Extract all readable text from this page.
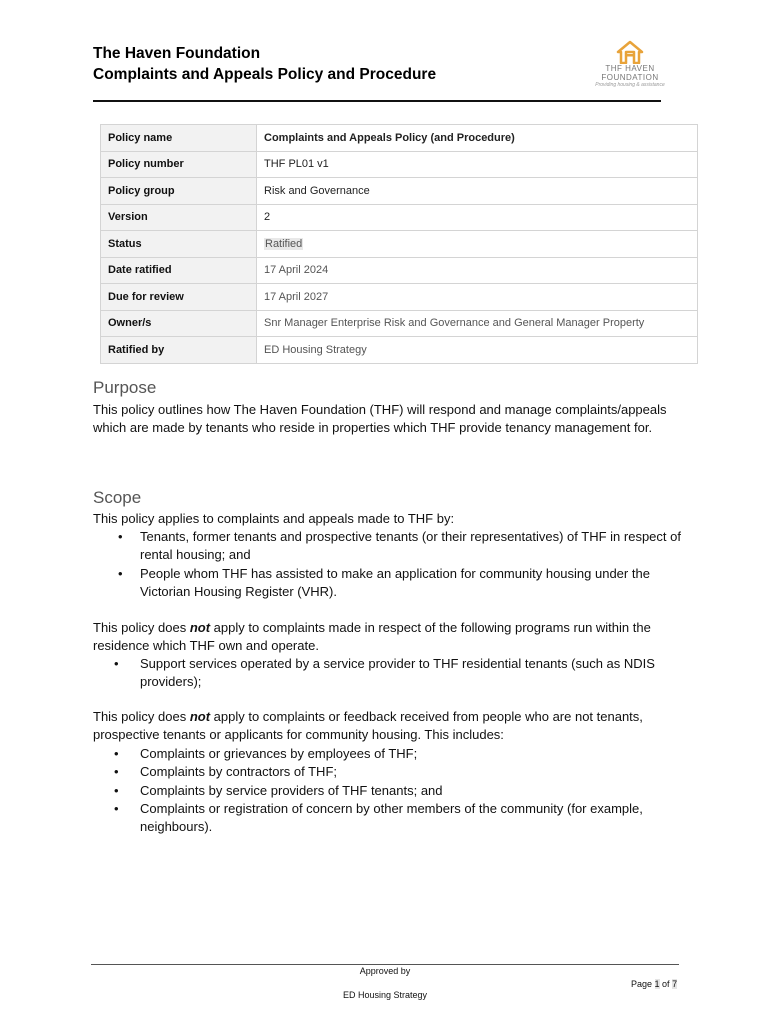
The Haven Foundation
Complaints and Appeals Policy and Procedure	THF HAVEN
FOUNDATION
Providing housing & assistance
Policy name	Complaints and Appeals Policy (and Procedure)
Policy number	THF PL01 v1
Policy group	Risk and Governance
Version	2
Status	Ratified
Date ratified	17 April 2024
Due for review	17 April 2027
Owner/s	Snr Manager Enterprise Risk and Governance and General Manager Property
Ratified by	ED Housing Strategy
Purpose
This policy outlines how The Haven Foundation (THF) will respond and manage complaints/appeals which are made by tenants who reside in properties which THF provide tenancy management for.
Scope
This policy applies to complaints and appeals made to THF by:
• Tenants, former tenants and prospective tenants (or their representatives) of THF in respect of rental housing; and
• People whom THF has assisted to make an application for community housing under the Victorian Housing Register (VHR).
This policy does not apply to complaints made in respect of the following programs run within the residence which THF own and operate.
• Support services operated by a service provider to THF residential tenants (such as NDIS providers);
This policy does not apply to complaints or feedback received from people who are not tenants, prospective tenants or applicants for community housing. This includes:
• Complaints or grievances by employees of THF;
• Complaints by contractors of THF;
• Complaints by service providers of THF tenants; and
• Complaints or registration of concern by other members of the community (for example, neighbours).
Approved by
Page 1 of 7
ED Housing Strategy
